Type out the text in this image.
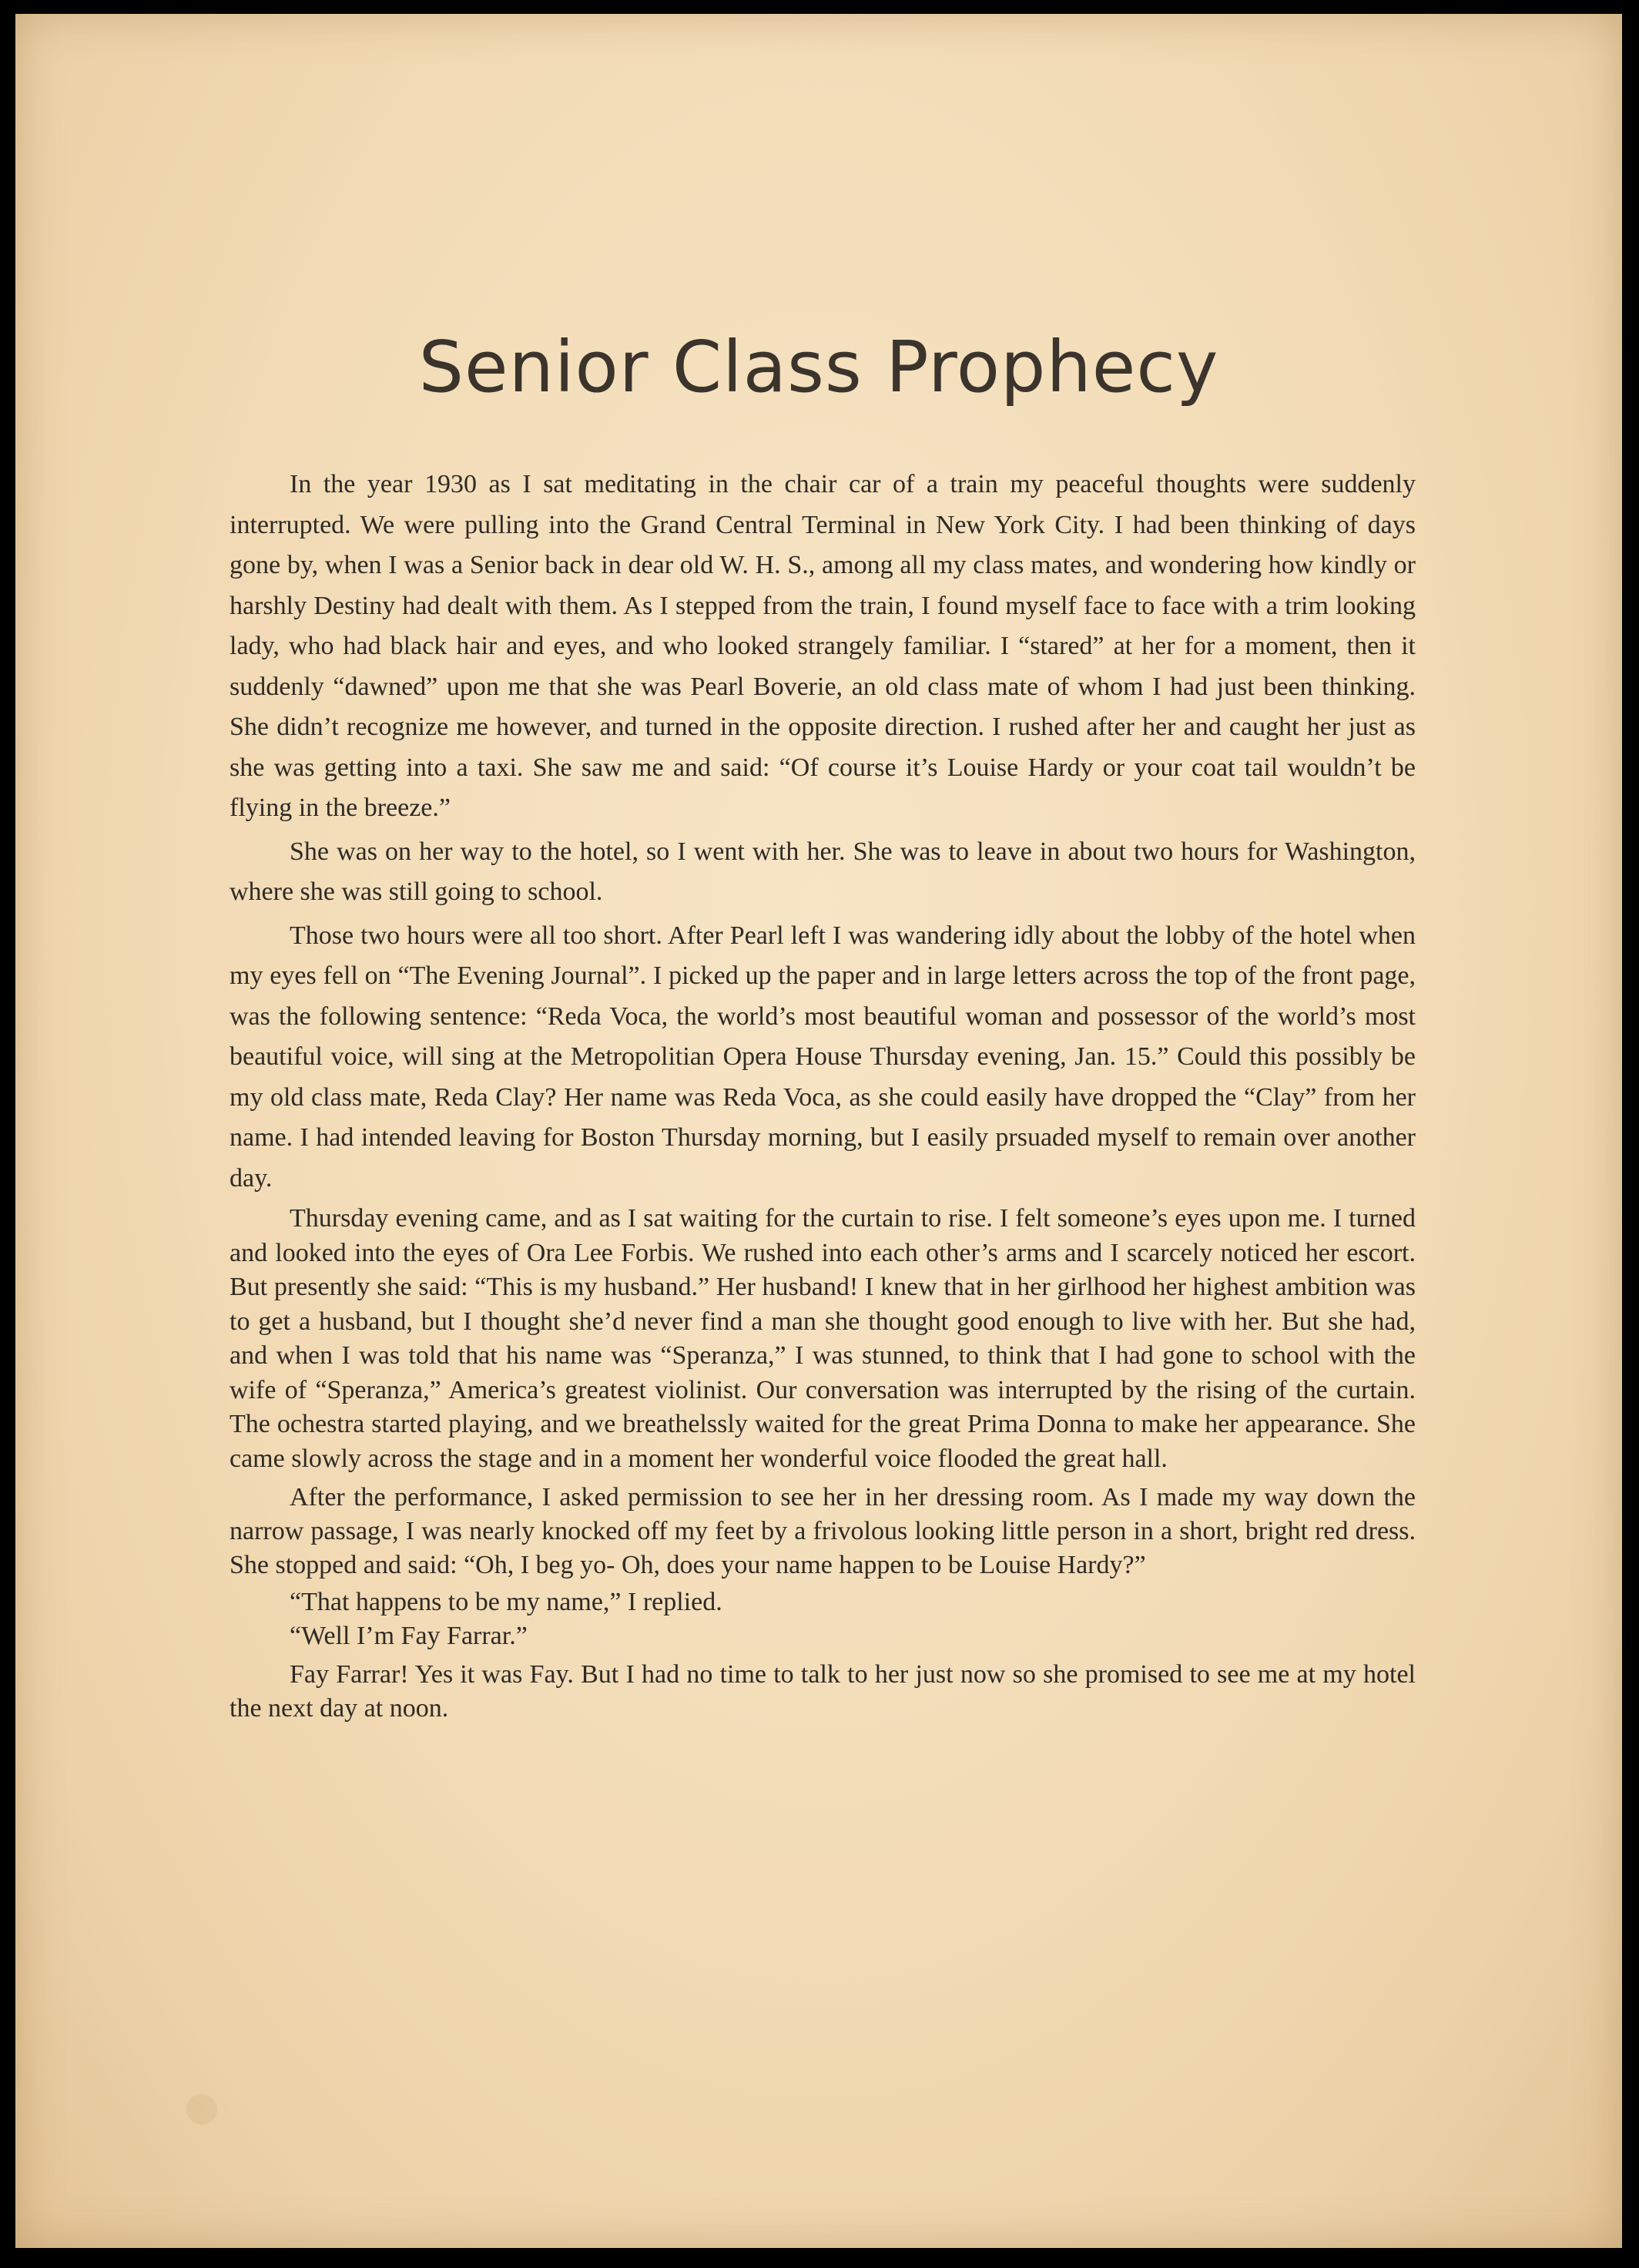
Senior Class Prophecy

In the year 1930 as I sat meditating in the chair car of a train my peaceful thoughts were suddenly interrupted. We were pulling into the Grand Central Terminal in New York City. I had been thinking of days gone by, when I was a Senior back in dear old W. H. S., among all my class mates, and wondering how kindly or harshly Destiny had dealt with them. As I stepped from the train, I found myself face to face with a trim looking lady, who had black hair and eyes, and who looked strangely familiar. I “stared” at her for a moment, then it suddenly “dawned” upon me that she was Pearl Boverie, an old class mate of whom I had just been thinking. She didn’t recognize me however, and turned in the opposite direction. I rushed after her and caught her just as she was getting into a taxi. She saw me and said: “Of course it’s Louise Hardy or your coat tail wouldn’t be flying in the breeze.”

She was on her way to the hotel, so I went with her. She was to leave in about two hours for Washington, where she was still going to school.

Those two hours were all too short. After Pearl left I was wandering idly about the lobby of the hotel when my eyes fell on “The Evening Journal”. I picked up the paper and in large letters across the top of the front page, was the following sentence: “Reda Voca, the world’s most beautiful woman and possessor of the world’s most beautiful voice, will sing at the Metropolitian Opera House Thursday evening, Jan. 15.” Could this possibly be my old class mate, Reda Clay? Her name was Reda Voca, as she could easily have dropped the “Clay” from her name. I had intended leaving for Boston Thursday morning, but I easily prsuaded myself to remain over another day.

Thursday evening came, and as I sat waiting for the curtain to rise. I felt someone’s eyes upon me. I turned and looked into the eyes of Ora Lee Forbis. We rushed into each other’s arms and I scarcely noticed her escort. But presently she said: “This is my husband.” Her husband! I knew that in her girlhood her highest ambition was to get a husband, but I thought she’d never find a man she thought good enough to live with her. But she had, and when I was told that his name was “Speranza,” I was stunned, to think that I had gone to school with the wife of “Speranza,” America’s greatest violinist. Our conversation was interrupted by the rising of the curtain. The ochestra started playing, and we breathelssly waited for the great Prima Donna to make her appearance. She came slowly across the stage and in a moment her wonderful voice flooded the great hall.

After the performance, I asked permission to see her in her dressing room. As I made my way down the narrow passage, I was nearly knocked off my feet by a frivolous looking little person in a short, bright red dress. She stopped and said: “Oh, I beg yo- Oh, does your name happen to be Louise Hardy?”

“That happens to be my name,” I replied.

“Well I’m Fay Farrar.”

Fay Farrar! Yes it was Fay. But I had no time to talk to her just now so she promised to see me at my hotel the next day at noon.
